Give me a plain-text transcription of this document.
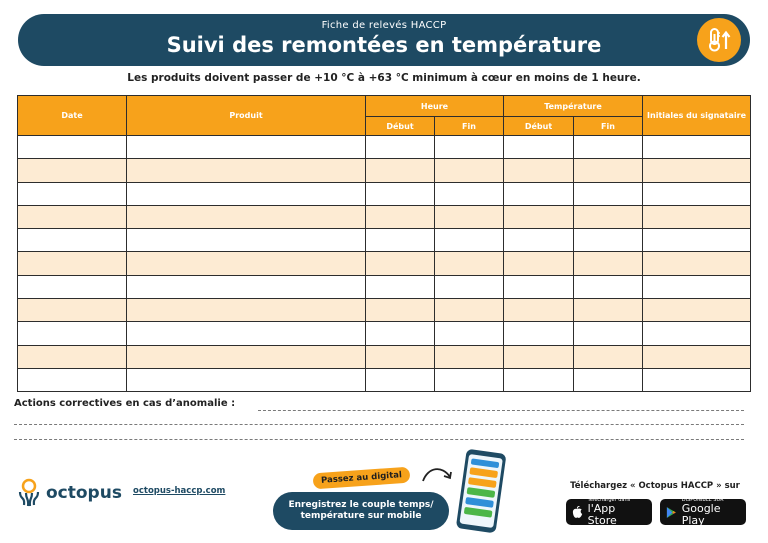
Fiche de relevés HACCP
Suivi des remontées en température
Les produits doivent passer de +10 °C à +63 °C minimum à cœur en moins de 1 heure.
Date	Produit	Heure		Température		Initiales du signataire
		Début	Fin	Début	Fin	

Actions correctives en cas d’anomalie :
octopus octopus-haccp.com
Enregistrez le couple temps/ température sur mobile
Passez au digital
Téléchargez « Octopus HACCP » sur
Télécharger dans
l'App Store
DISPONIBLE SUR
Google Play
